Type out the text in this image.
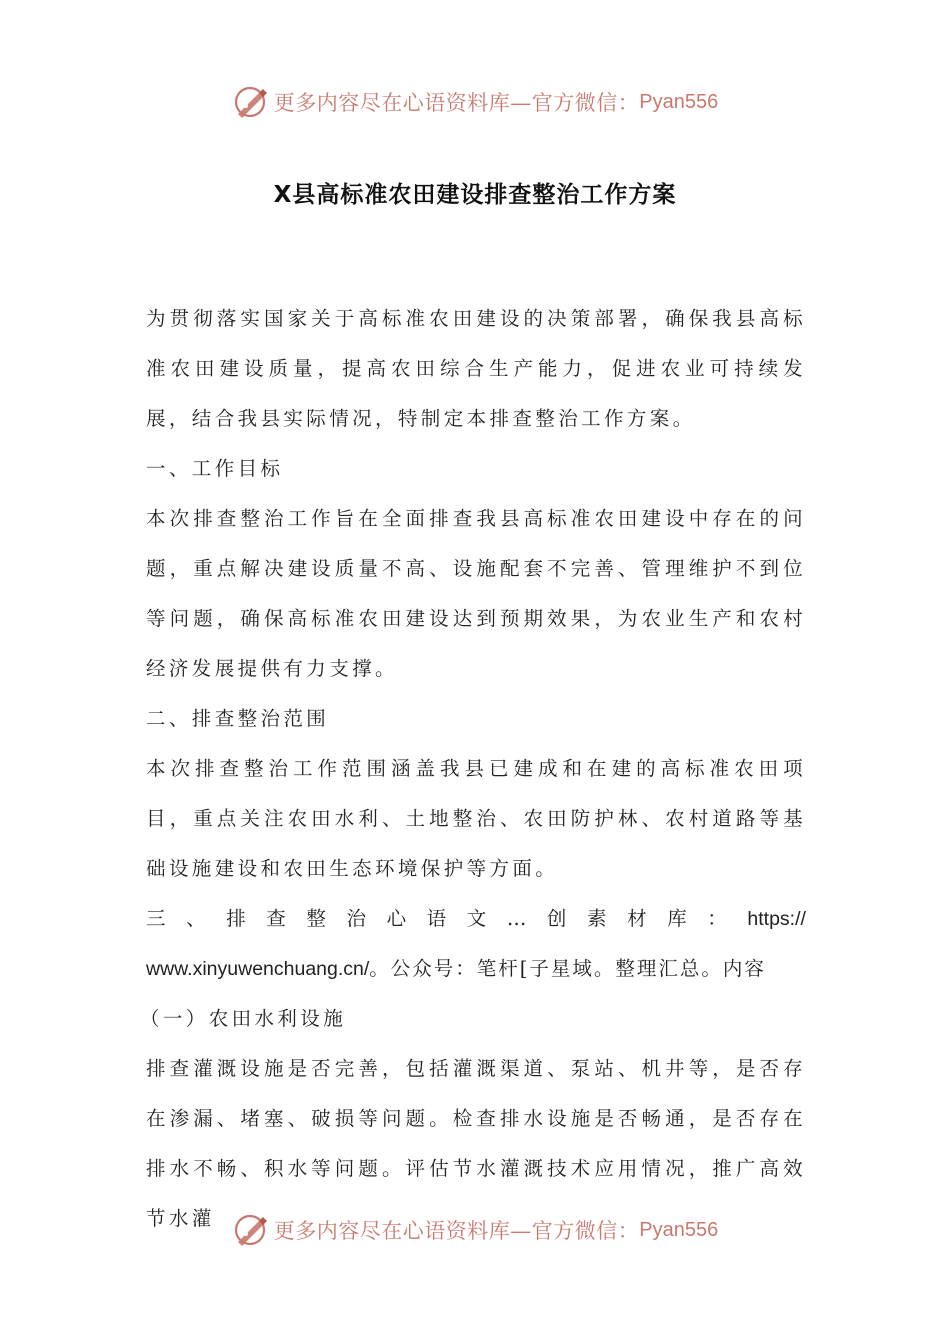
更多内容尽在心语资料库—官方微信： Pyan556
X县高标准农田建设排查整治工作方案

为贯彻落实国家关于高标准农田建设的决策部署，确保我县高标准农田建设质量，提高农田综合生产能力，促进农业可持续发展，结合我县实际情况，特制定本排查整治工作方案。

一、工作目标

本次排查整治工作旨在全面排查我县高标准农田建设中存在的问题，重点解决建设质量不高、设施配套不完善、管理维护不到位等问题，确保高标准农田建设达到预期效果，为农业生产和农村经济发展提供有力支撑。

二、排查整治范围

本次排查整治工作范围涵盖我县已建成和在建的高标准农田项目，重点关注农田水利、土地整治、农田防护林、农村道路等基础设施建设和农田生态环境保护等方面。

三 、 排 查 整 治 心 语 文 … 创 素 材 库 ： https://

www.xinyuwenchuang.cn/。公众号：笔杆[子星域。整理汇总。内容

（一）农田水利设施

排查灌溉设施是否完善，包括灌溉渠道、泵站、机井等，是否存在渗漏、堵塞、破损等问题。检查排水设施是否畅通，是否存在排水不畅、积水等问题。评估节水灌溉技术应用情况，推广高效节水灌

更多内容尽在心语资料库—官方微信： Pyan556
